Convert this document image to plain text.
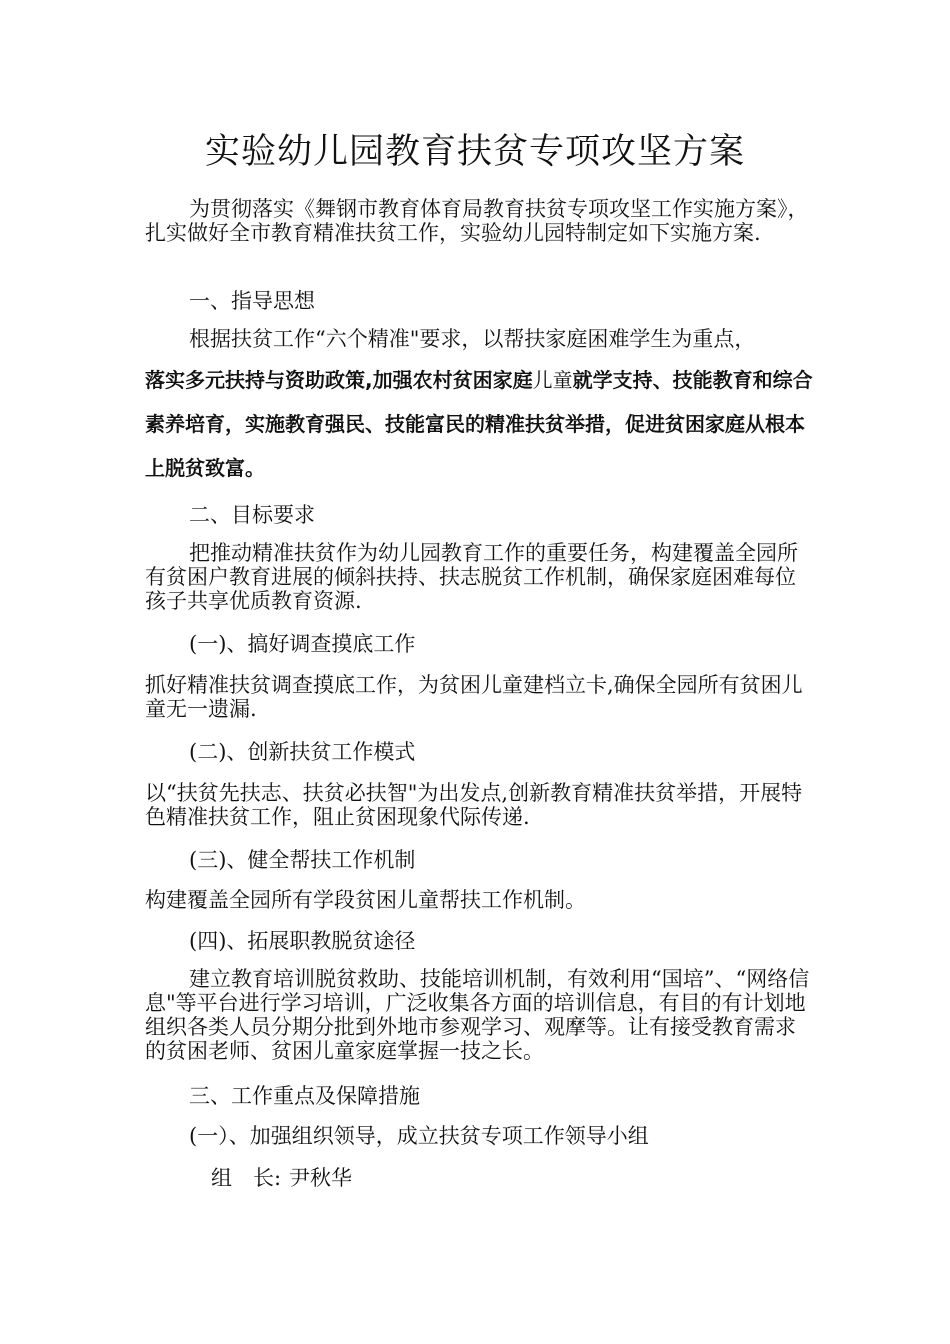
实验幼儿园教育扶贫专项攻坚方案

为贯彻落实《舞钢市教育体育局教育扶贫专项攻坚工作实施方案》，扎实做好全市教育精准扶贫工作，实验幼儿园特制定如下实施方案.

一、指导思想

根据扶贫工作“六个精准"要求，以帮扶家庭困难学生为重点，

落实多元扶持与资助政策,加强农村贫困家庭儿童就学支持、技能教育和综合素养培育，实施教育强民、技能富民的精准扶贫举措，促进贫困家庭从根本上脱贫致富。

二、目标要求

把推动精准扶贫作为幼儿园教育工作的重要任务，构建覆盖全园所有贫困户教育进展的倾斜扶持、扶志脱贫工作机制，确保家庭困难每位孩子共享优质教育资源.

(一)、搞好调查摸底工作

抓好精准扶贫调查摸底工作，为贫困儿童建档立卡,确保全园所有贫困儿童无一遗漏.

(二)、创新扶贫工作模式

以“扶贫先扶志、扶贫必扶智"为出发点,创新教育精准扶贫举措，开展特色精准扶贫工作，阻止贫困现象代际传递.

(三)、健全帮扶工作机制

构建覆盖全园所有学段贫困儿童帮扶工作机制。

(四)、拓展职教脱贫途径

建立教育培训脱贫救助、技能培训机制，有效利用“国培”、“网络信息"等平台进行学习培训，广泛收集各方面的培训信息，有目的有计划地组织各类人员分期分批到外地市参观学习、观摩等。让有接受教育需求的贫困老师、贫困儿童家庭掌握一技之长。

三、工作重点及保障措施

(一）、加强组织领导，成立扶贫专项工作领导小组

组　长: 尹秋华
